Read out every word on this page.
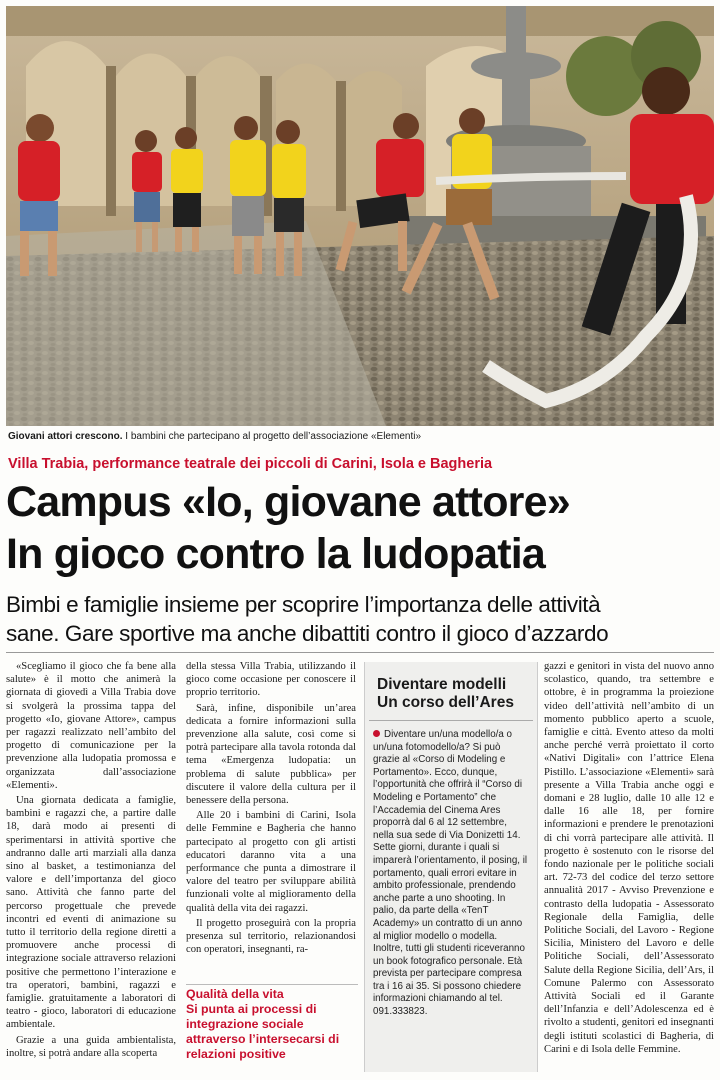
Giovani attori crescono. I bambini che partecipano al progetto dell’associazione «Elementi»
Villa Trabia, performance teatrale dei piccoli di Carini, Isola e Bagheria
Campus «Io, giovane attore»
In gioco contro la ludopatia
Bimbi e famiglie insieme per scoprire l’importanza delle attività
sane. Gare sportive ma anche dibattiti contro il gioco d’azzardo

«Scegliamo il gioco che fa bene alla salute» è il motto che animerà la giornata di giovedì a Villa Trabia dove si svolgerà la prossima tappa del progetto «Io, giovane Attore», campus per ragazzi realizzato nell’ambito del progetto di comunicazione per la prevenzione alla ludopatia promossa e organizzata dall’associazione «Elementi».

Una giornata dedicata a famiglie, bambini e ragazzi che, a partire dalle 18, darà modo ai presenti di sperimentarsi in attività sportive che andranno dalle arti marziali alla danza sino al basket, a testimonianza del valore e dell’importanza del gioco sano. Attività che fanno parte del percorso progettuale che prevede incontri ed eventi di animazione su tutto il territorio della regione diretti a promuovere anche processi di integrazione sociale attraverso relazioni positive che permettono l’interazione e tra operatori, bambini, ragazzi e famiglie. gratuitamente a laboratori di teatro - gioco, laboratori di educazione ambientale.

Grazie a una guida ambientalista, inoltre, si potrà andare alla scoperta

della stessa Villa Trabia, utilizzando il gioco come occasione per conoscere il proprio territorio.

Sarà, infine, disponibile un’area dedicata a fornire informazioni sulla prevenzione alla salute, così come si potrà partecipare alla tavola rotonda dal tema «Emergenza ludopatia: un problema di salute pubblica» per discutere il valore della cultura per il benessere della persona.

Alle 20 i bambini di Carini, Isola delle Femmine e Bagheria che hanno partecipato al progetto con gli artisti educatori daranno vita a una performance che punta a dimostrare il valore del teatro per sviluppare abilità funzionali volte al miglioramento della qualità della vita dei ragazzi.

Il progetto proseguirà con la propria presenza sul territorio, relazionandosi con operatori, insegnanti, ra-

Qualità della vita
Si punta ai processi di integrazione sociale attraverso l’intersecarsi di relazioni positive
Diventare modelli
Un corso dell’Ares
Diventare un/una modello/a o un/una fotomodello/a? Si può grazie al «Corso di Modeling e Portamento». Ecco, dunque, l’opportunità che offrirà il “Corso di Modeling e Portamento” che l’Accademia del Cinema Ares proporrà dal 6 al 12 settembre, nella sua sede di Via Donizetti 14. Sette giorni, durante i quali si imparerà l’orientamento, il posing, il portamento, quali errori evitare in ambito professionale, prendendo anche parte a uno shooting. In palio, da parte della «TenT Academy» un contratto di un anno al miglior modello o modella. Inoltre, tutti gli studenti riceveranno un book fotografico personale. Età prevista per partecipare compresa tra i 16 ai 35. Si possono chiedere informazioni chiamando al tel. 091.333823.

gazzi e genitori in vista del nuovo anno scolastico, quando, tra settembre e ottobre, è in programma la proiezione video dell’attività nell’ambito di un momento pubblico aperto a scuole, famiglie e città. Evento atteso da molti anche perché verrà proiettato il corto «Nativi Digitali» con l’attrice Elena Pistillo. L’associazione «Elementi» sarà presente a Villa Trabia anche oggi e domani e 28 luglio, dalle 10 alle 12 e dalle 16 alle 18, per fornire informazioni e prendere le prenotazioni di chi vorrà partecipare alle attività. Il progetto è sostenuto con le risorse del fondo nazionale per le politiche sociali art. 72-73 del codice del terzo settore annualità 2017 - Avviso Prevenzione e contrasto della ludopatia - Assessorato Regionale della Famiglia, delle Politiche Sociali, del Lavoro - Regione Sicilia, Ministero del Lavoro e delle Politiche Sociali, dell’Assessorato Salute della Regione Sicilia, dell’Ars, il Comune Palermo con Assessorato Attività Sociali ed il Garante dell’Infanzia e dell’Adolescenza ed è rivolto a studenti, genitori ed insegnanti degli istituti scolastici di Bagheria, di Carini e di Isola delle Femmine.
